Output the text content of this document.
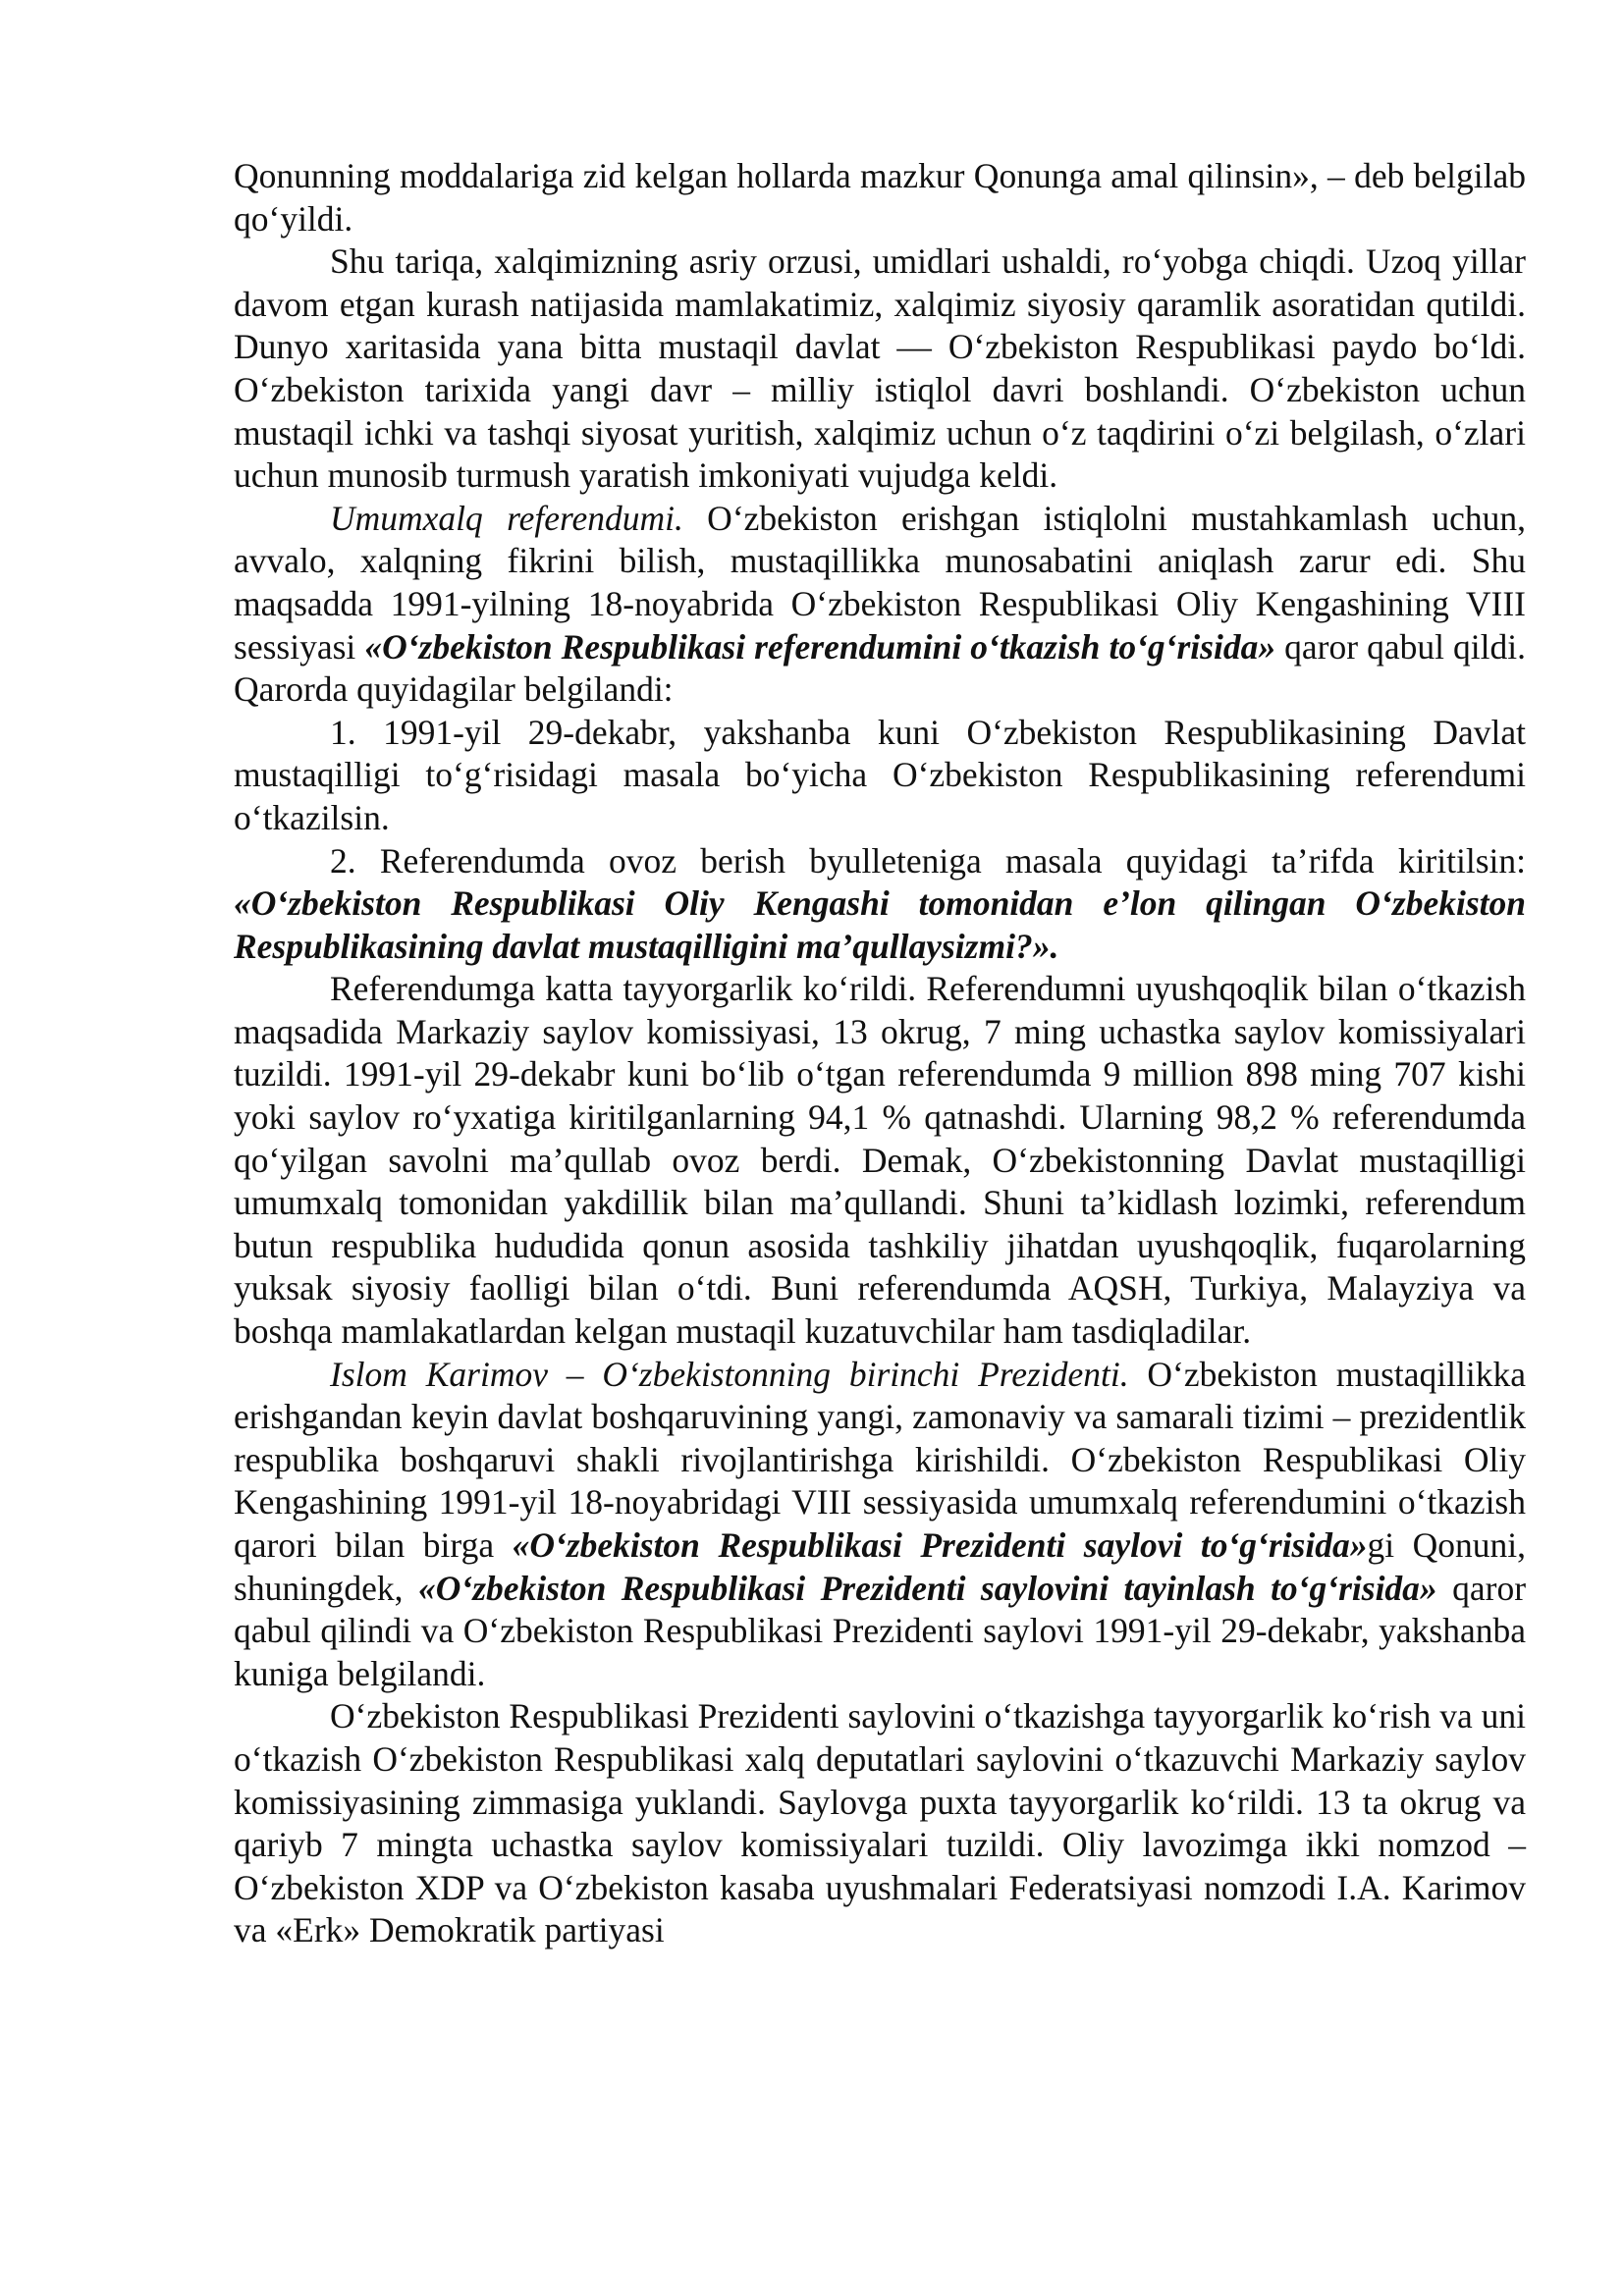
Qonunning moddalariga zid kelgan hollarda mazkur Qonunga amal qilinsin», – deb belgilab qo‘yildi.

Shu tariqa, xalqimizning asriy orzusi, umidlari ushaldi, ro‘yobga chiqdi. Uzoq yillar davom etgan kurash natijasida mamlakatimiz, xalqimiz siyosiy qaramlik asoratidan qutildi. Dunyo xaritasida yana bitta mustaqil davlat — O‘zbekiston Respublikasi paydo bo‘ldi. O‘zbekiston tarixida yangi davr – milliy istiqlol davri boshlandi. O‘zbekiston uchun mustaqil ichki va tashqi siyosat yuritish, xalqimiz uchun o‘z taqdirini o‘zi belgilash, o‘zlari uchun munosib turmush yaratish imkoniyati vujudga keldi.

Umumxalq referendumi. O‘zbekiston erishgan istiqlolni mustahkamlash uchun, avvalo, xalqning fikrini bilish, mustaqillikka munosabatini aniqlash zarur edi. Shu maqsadda 1991-yilning 18-noyabrida O‘zbekiston Respublikasi Oliy Kengashining VIII sessiyasi «O‘zbekiston Respublikasi referendumini o‘tkazish to‘g‘risida» qaror qabul qildi. Qarorda quyidagilar belgilandi:

1. 1991-yil 29-dekabr, yakshanba kuni O‘zbekiston Respublikasining Davlat mustaqilligi to‘g‘risidagi masala bo‘yicha O‘zbekiston Respublikasining referendumi o‘tkazilsin.

2. Referendumda ovoz berish byulleteniga masala quyidagi ta’rifda kiritilsin: «O‘zbekiston Respublikasi Oliy Kengashi tomonidan e’lon qilingan O‘zbekiston Respublikasining davlat mustaqilligini ma’qullaysizmi?».

Referendumga katta tayyorgarlik ko‘rildi. Referendumni uyushqoqlik bilan o‘tkazish maqsadida Markaziy saylov komissiyasi, 13 okrug, 7 ming uchastka saylov komissiyalari tuzildi. 1991-yil 29-dekabr kuni bo‘lib o‘tgan referendumda 9 million 898 ming 707 kishi yoki saylov ro‘yxatiga kiritilganlarning 94,1 % qatnashdi. Ularning 98,2 % referendumda qo‘yilgan savolni ma’qullab ovoz berdi. Demak, O‘zbekistonning Davlat mustaqilligi umumxalq tomonidan yakdillik bilan ma’qullandi. Shuni ta’kidlash lozimki, referendum butun respublika hududida qonun asosida tashkiliy jihatdan uyushqoqlik, fuqarolarning yuksak siyosiy faolligi bilan o‘tdi. Buni referendumda AQSH, Turkiya, Malayziya va boshqa mamlakatlardan kelgan mustaqil kuzatuvchilar ham tasdiqladilar.

Islom Karimov – O‘zbekistonning birinchi Prezidenti. O‘zbekiston mustaqillikka erishgandan keyin davlat boshqaruvining yangi, zamonaviy va samarali tizimi – prezidentlik respublika boshqaruvi shakli rivojlantirishga kirishildi. O‘zbekiston Respublikasi Oliy Kengashining 1991-yil 18-noyabridagi VIII sessiyasida umumxalq referendumini o‘tkazish qarori bilan birga «O‘zbekiston Respublikasi Prezidenti saylovi to‘g‘risida»gi Qonuni, shuningdek, «O‘zbekiston Respublikasi Prezidenti saylovini tayinlash to‘g‘risida» qaror qabul qilindi va O‘zbekiston Respublikasi Prezidenti saylovi 1991-yil 29-dekabr, yakshanba kuniga belgilandi.

O‘zbekiston Respublikasi Prezidenti saylovini o‘tkazishga tayyorgarlik ko‘rish va uni o‘tkazish O‘zbekiston Respublikasi xalq deputatlari saylovini o‘tkazuvchi Markaziy saylov komissiyasining zimmasiga yuklandi. Saylovga puxta tayyorgarlik ko‘rildi. 13 ta okrug va qariyb 7 mingta uchastka saylov komissiyalari tuzildi. Oliy lavozimga ikki nomzod – O‘zbekiston XDP va O‘zbekiston kasaba uyushmalari Federatsiyasi nomzodi I.A. Karimov va «Erk» Demokratik partiyasi
